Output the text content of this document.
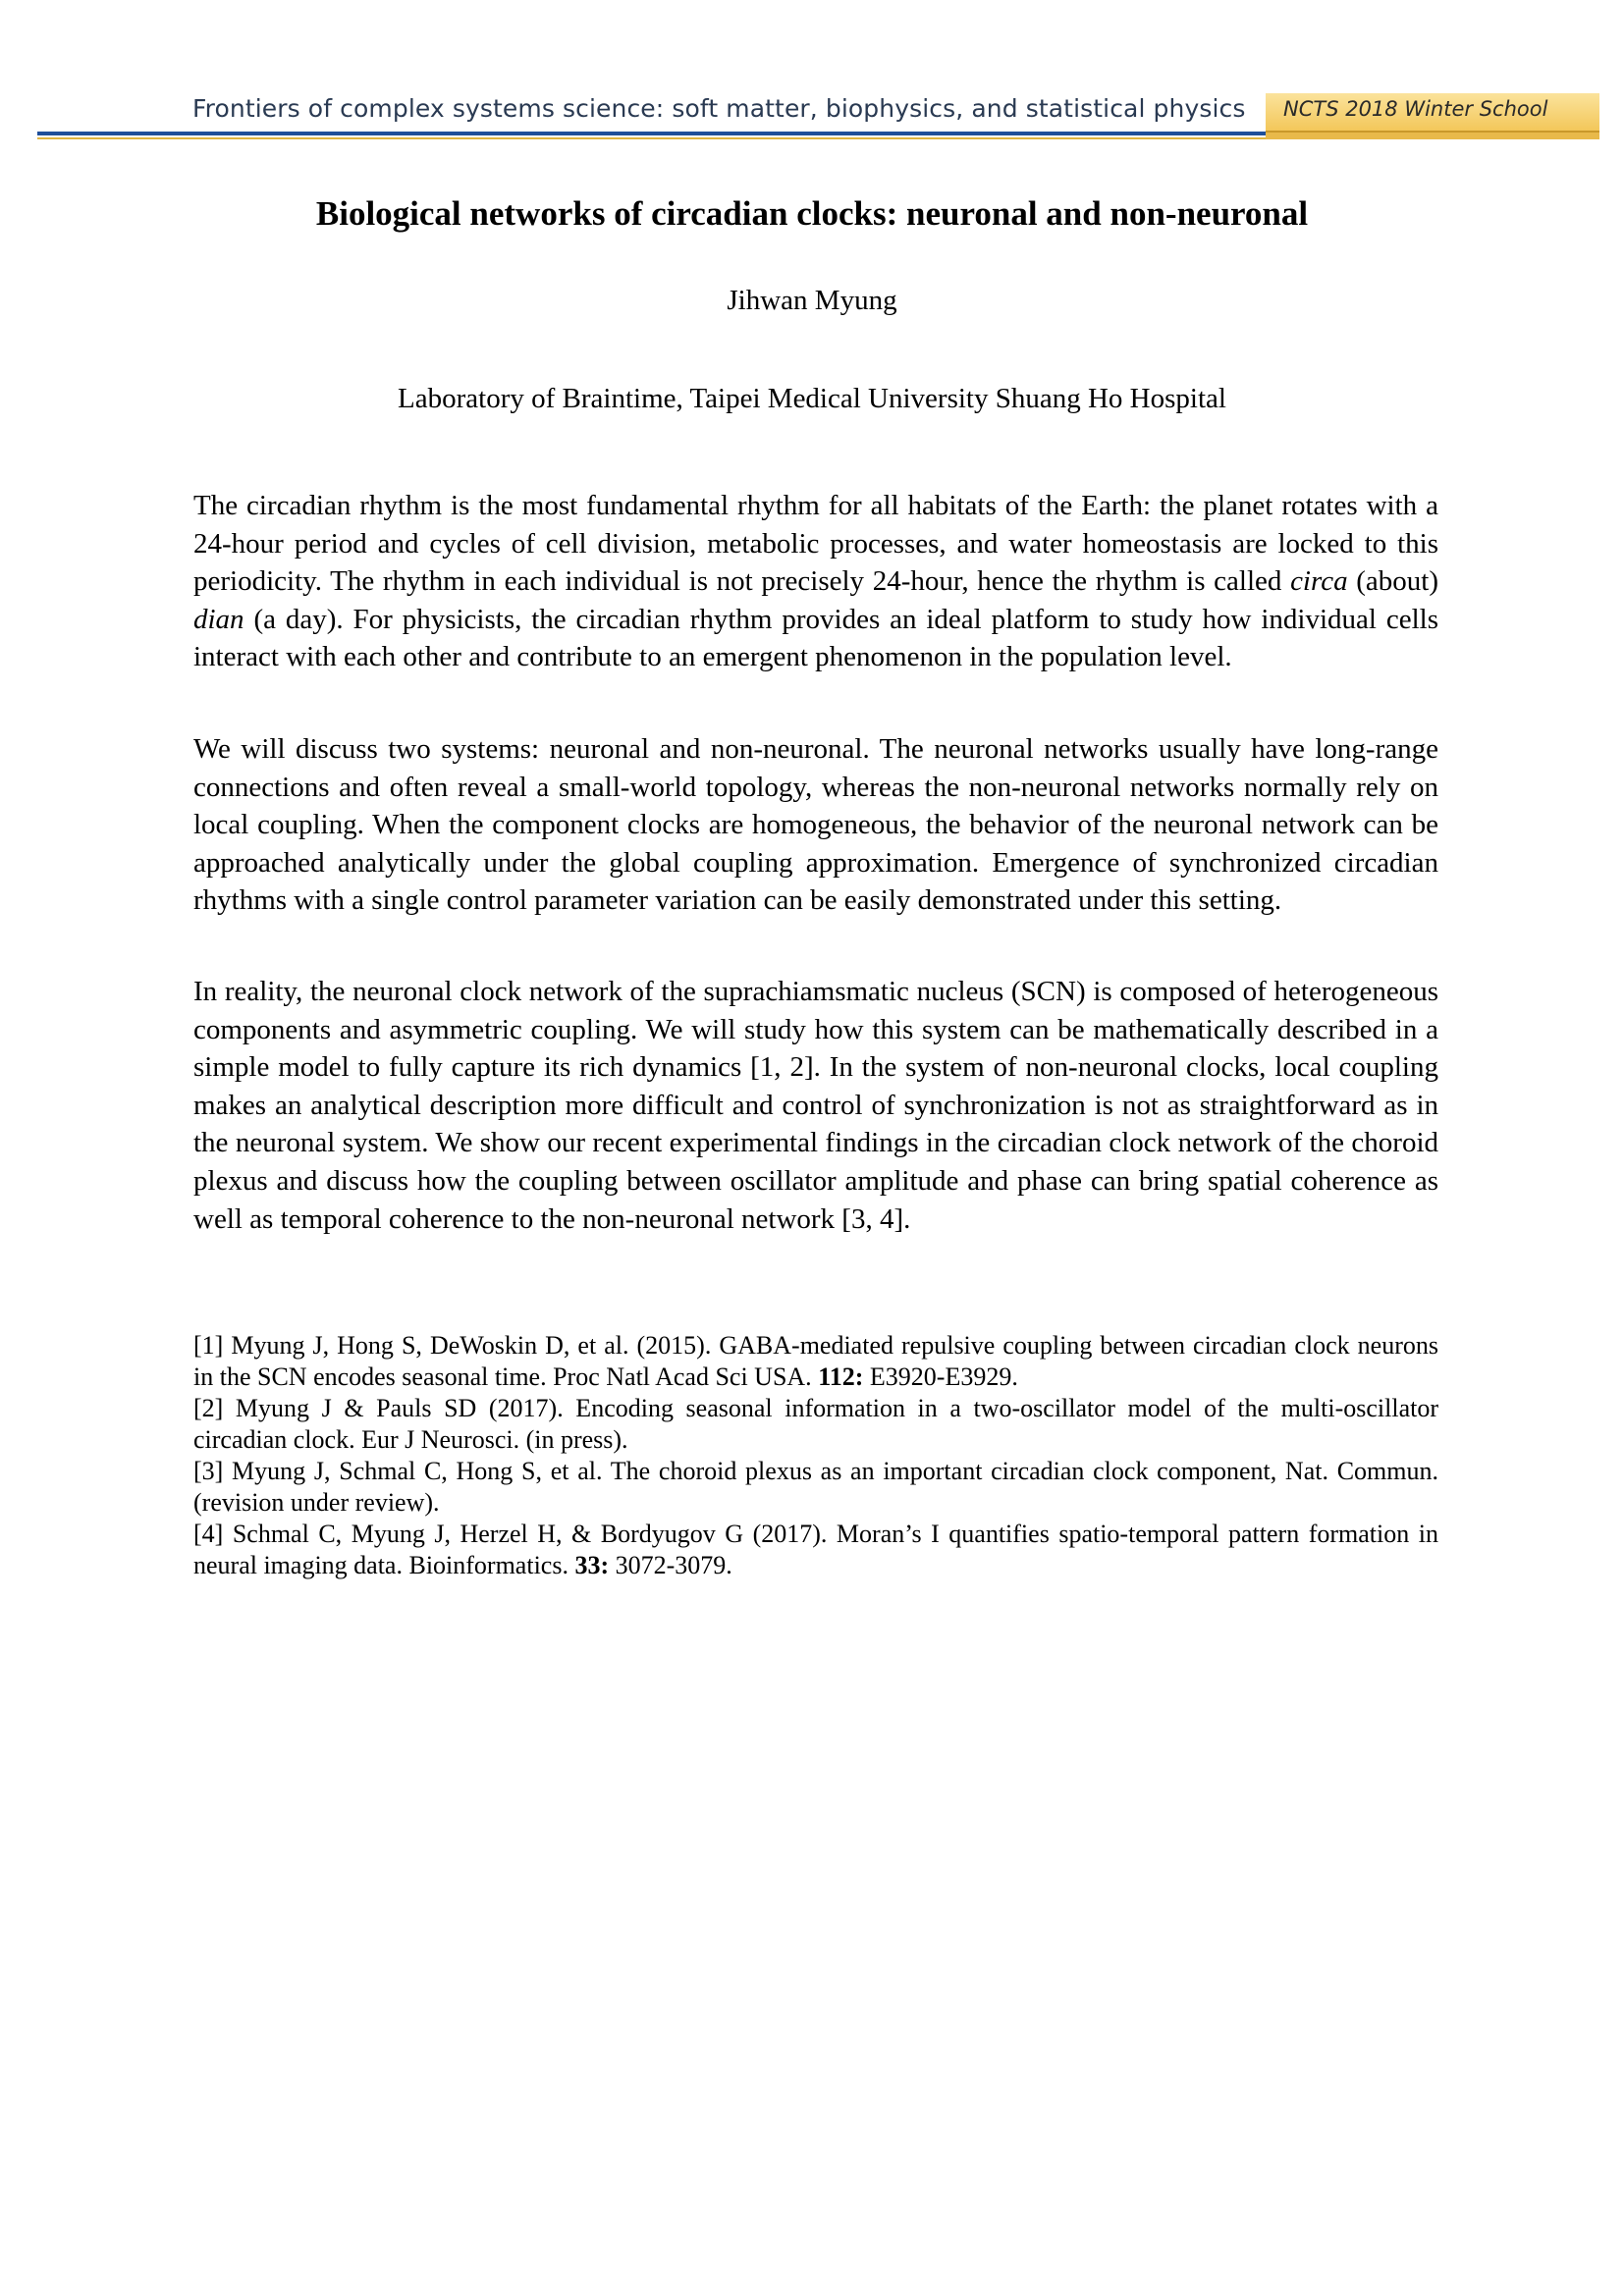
Frontiers of complex systems science: soft matter, biophysics, and statistical physics	NCTS 2018 Winter School
Biological networks of circadian clocks: neuronal and non-neuronal
Jihwan Myung
Laboratory of Braintime, Taipei Medical University Shuang Ho Hospital

The circadian rhythm is the most fundamental rhythm for all habitats of the Earth: the planet rotates with a 24-hour period and cycles of cell division, metabolic processes, and water homeostasis are locked to this periodicity. The rhythm in each individual is not precisely 24-hour, hence the rhythm is called circa (about) dian (a day). For physicists, the circadian rhythm provides an ideal platform to study how individual cells interact with each other and contribute to an emergent phenomenon in the population level.

We will discuss two systems: neuronal and non-neuronal. The neuronal networks usually have long-range connections and often reveal a small-world topology, whereas the non-neuronal networks normally rely on local coupling. When the component clocks are homogeneous, the behavior of the neuronal network can be approached analytically under the global coupling approximation. Emergence of synchronized circadian rhythms with a single control parameter variation can be easily demonstrated under this setting.

In reality, the neuronal clock network of the suprachiamsmatic nucleus (SCN) is composed of heterogeneous components and asymmetric coupling. We will study how this system can be mathematically described in a simple model to fully capture its rich dynamics [1, 2]. In the system of non-neuronal clocks, local coupling makes an analytical description more difficult and control of synchronization is not as straightforward as in the neuronal system. We show our recent experimental findings in the circadian clock network of the choroid plexus and discuss how the coupling between oscillator amplitude and phase can bring spatial coherence as well as temporal coherence to the non-neuronal network [3, 4].

[1] Myung J, Hong S, DeWoskin D, et al. (2015). GABA-mediated repulsive coupling between circadian clock neurons in the SCN encodes seasonal time. Proc Natl Acad Sci USA. 112: E3920-E3929.

[2] Myung J & Pauls SD (2017). Encoding seasonal information in a two-oscillator model of the multi-oscillator circadian clock. Eur J Neurosci. (in press).

[3] Myung J, Schmal C, Hong S, et al. The choroid plexus as an important circadian clock component, Nat. Commun. (revision under review).

[4] Schmal C, Myung J, Herzel H, & Bordyugov G (2017). Moran’s I quantifies spatio-temporal pattern formation in neural imaging data. Bioinformatics. 33: 3072-3079.
